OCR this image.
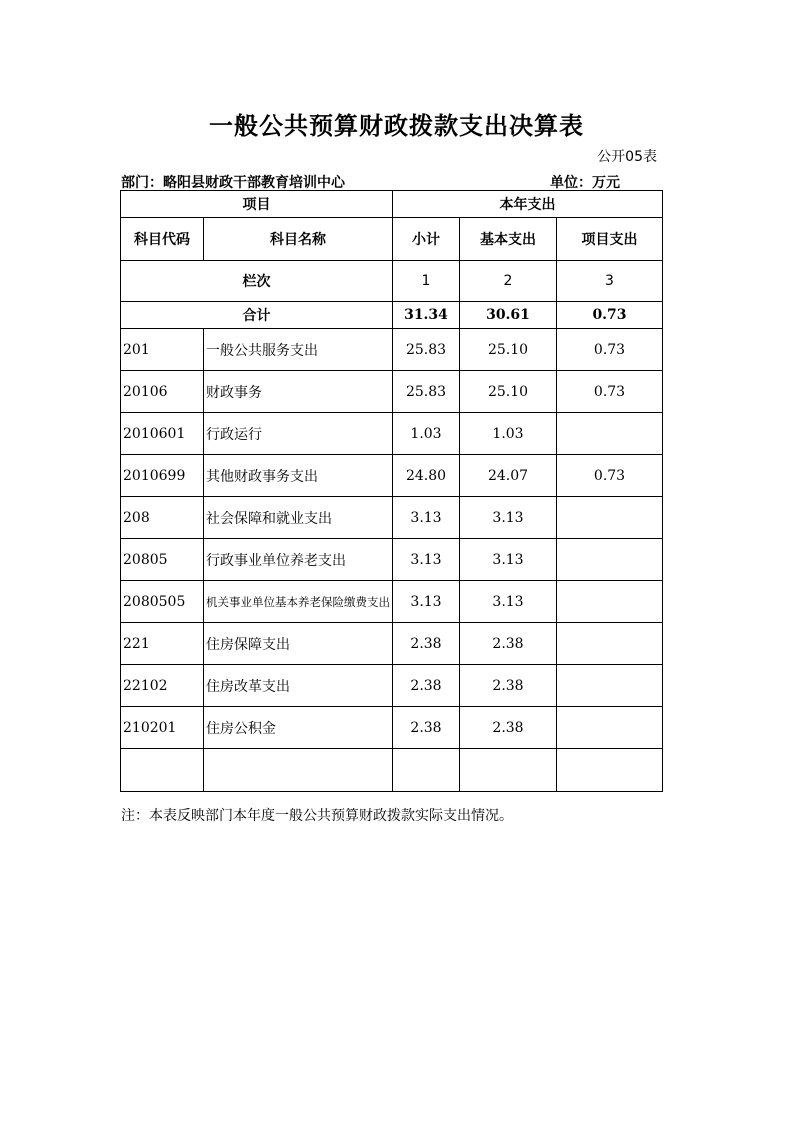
一般公共预算财政拨款支出决算表
公开05表
部门：略阳县财政干部教育培训中心	单位：万元
项目		本年支出		
科目代码	科目名称	小计	基本支出	项目支出
栏次		1	2	3
合计		31.34	30.61	0.73
201	一般公共服务支出	25.83	25.10	0.73
20106	财政事务	25.83	25.10	0.73
2010601	行政运行	1.03	1.03	
2010699	其他财政事务支出	24.80	24.07	0.73
208	社会保障和就业支出	3.13	3.13	
20805	行政事业单位养老支出	3.13	3.13	
2080505	机关事业单位基本养老保险缴费支出	3.13	3.13	
221	住房保障支出	2.38	2.38	
22102	住房改革支出	2.38	2.38	
210201	住房公积金	2.38	2.38	

注：本表反映部门本年度一般公共预算财政拨款实际支出情况。
